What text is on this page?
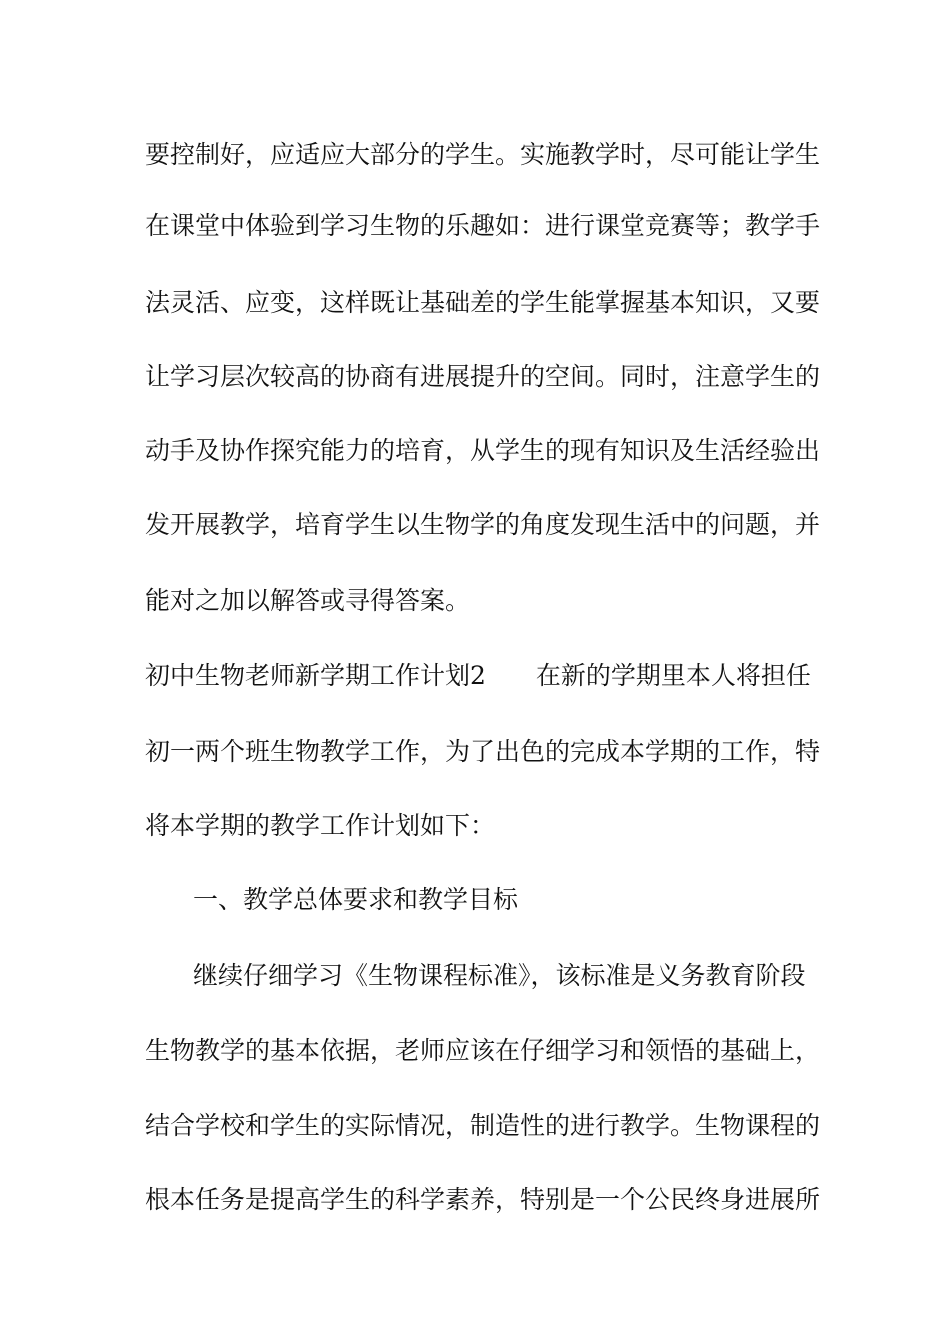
要控制好，应适应大部分的学生。实施教学时，尽可能让学生
在课堂中体验到学习生物的乐趣如：进行课堂竞赛等；教学手
法灵活、应变，这样既让基础差的学生能掌握基本知识，又要
让学习层次较高的协商有进展提升的空间。同时，注意学生的
动手及协作探究能力的培育，从学生的现有知识及生活经验出
发开展教学，培育学生以生物学的角度发现生活中的问题，并
能对之加以解答或寻得答案。
初中生物老师新学期工作计划2 在新的学期里本人将担任
初一两个班生物教学工作，为了出色的完成本学期的工作，特
将本学期的教学工作计划如下：
一、教学总体要求和教学目标
继续仔细学习《生物课程标准》，该标准是义务教育阶段
生物教学的基本依据，老师应该在仔细学习和领悟的基础上，
结合学校和学生的实际情况，制造性的进行教学。生物课程的
根本任务是提高学生的科学素养，特别是一个公民终身进展所
